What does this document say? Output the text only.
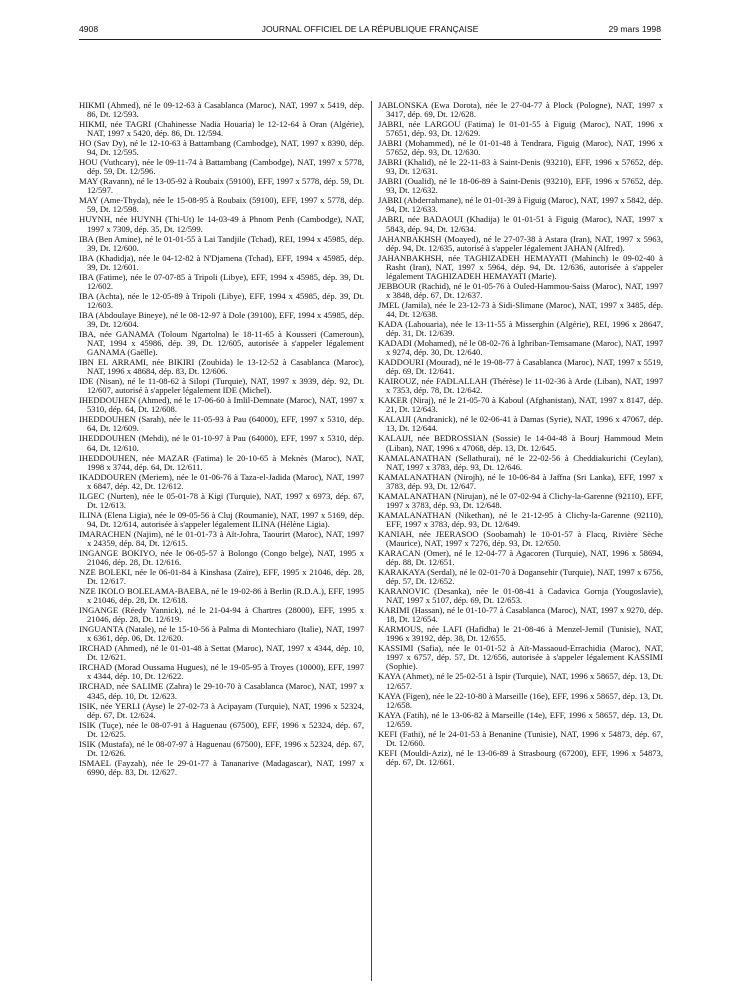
4908	JOURNAL OFFICIEL DE LA RÉPUBLIQUE FRANÇAISE	29 mars 1998

HIKMI (Ahmed), né le 09-12-63 à Casablanca (Maroc), NAT, 1997 x 5419, dép. 86, Dt. 12/593.

HIKMI, née TAGRI (Chahinesse Nadia Houaria) le 12-12-64 à Oran (Algérie), NAT, 1997 x 5420, dép. 86, Dt. 12/594.

HO (Sav Dy), né le 12-10-63 à Battambang (Cambodge), NAT, 1997 x 8390, dép. 94, Dt. 12/595.

HOU (Vuthcary), née le 09-11-74 à Battambang (Cambodge), NAT, 1997 x 5778, dép. 59, Dt. 12/596.

MAY (Ravann), né le 13-05-92 à Roubaix (59100), EFF, 1997 x 5778, dép. 59, Dt. 12/597.

MAY (Ame-Thyda), née le 15-08-95 à Roubaix (59100), EFF, 1997 x 5778, dép. 59, Dt. 12/598.

HUYNH, née HUYNH (Thi-Ut) le 14-03-49 à Phnom Penh (Cambodge), NAT, 1997 x 7309, dép. 35, Dt. 12/599.

IBA (Ben Amine), né le 01-01-55 à Lai Tandjile (Tchad), REI, 1994 x 45985, dép. 39, Dt. 12/600.

IBA (Khadidja), née le 04-12-82 à N'Djamena (Tchad), EFF, 1994 x 45985, dép. 39, Dt. 12/601.

IBA (Fatime), née le 07-07-85 à Tripoli (Libye), EFF, 1994 x 45985, dép. 39, Dt. 12/602.

IBA (Achta), née le 12-05-89 à Tripoli (Libye), EFF, 1994 x 45985, dép. 39, Dt. 12/603.

IBA (Abdoulaye Bineye), né le 08-12-97 à Dole (39100), EFF, 1994 x 45985, dép. 39, Dt. 12/604.

IBA, née GANAMA (Toloum Ngartolna) le 18-11-65 à Kousseri (Cameroun), NAT, 1994 x 45986, dép. 39, Dt. 12/605, autorisée à s'appeler légalement GANAMA (Gaëlle).

IBN EL ARRAMI, née BIKIRI (Zoubida) le 13-12-52 à Casablanca (Maroc), NAT, 1996 x 48684, dép. 83, Dt. 12/606.

IDE (Nisan), né le 11-08-62 à Silopi (Turquie), NAT, 1997 x 3939, dép. 92, Dt. 12/607, autorisé à s'appeler légalement IDE (Michel).

IHEDDOUHEN (Ahmed), né le 17-06-60 à Imlil-Demnate (Maroc), NAT, 1997 x 5310, dép. 64, Dt. 12/608.

IHEDDOUHEN (Sarah), née le 11-05-93 à Pau (64000), EFF, 1997 x 5310, dép. 64, Dt. 12/609.

IHEDDOUHEN (Mehdi), né le 01-10-97 à Pau (64000), EFF, 1997 x 5310, dép. 64, Dt. 12/610.

IHEDDOUHEN, née MAZAR (Fatima) le 20-10-65 à Meknès (Maroc), NAT, 1998 x 3744, dép. 64, Dt. 12/611.

IKADDOUREN (Meriem), née le 01-06-76 à Taza-el-Jadida (Maroc), NAT, 1997 x 6847, dép. 42, Dt. 12/612.

ILGEC (Nurten), née le 05-01-78 à Kigi (Turquie), NAT, 1997 x 6973, dép. 67, Dt. 12/613.

ILINA (Elena Ligia), née le 09-05-56 à Cluj (Roumanie), NAT, 1997 x 5169, dép. 94, Dt. 12/614, autorisée à s'appeler légalement ILINA (Hélène Ligia).

IMARACHEN (Najim), né le 01-01-73 à Aït-Johra, Taourirt (Maroc), NAT, 1997 x 24359, dép. 84, Dt. 12/615.

INGANGE BOKIYO, née le 06-05-57 à Bolongo (Congo belge), NAT, 1995 x 21046, dép. 28, Dt. 12/616.

NZE BOLEKI, née le 06-01-84 à Kinshasa (Zaïre), EFF, 1995 x 21046, dép. 28, Dt. 12/617.

NZE IKOLO BOLELAMA-BAEBA, né le 19-02-86 à Berlin (R.D.A.), EFF, 1995 x 21046, dép. 28, Dt. 12/618.

INGANGE (Réedy Yannick), né le 21-04-94 à Chartres (28000), EFF, 1995 x 21046, dép. 28, Dt. 12/619.

INGUANTA (Natale), né le 15-10-56 à Palma di Montechiaro (Italie), NAT, 1997 x 6361, dép. 06, Dt. 12/620.

IRCHAD (Ahmed), né le 01-01-48 à Settat (Maroc), NAT, 1997 x 4344, dép. 10, Dt. 12/621.

IRCHAD (Morad Oussama Hugues), né le 19-05-95 à Troyes (10000), EFF, 1997 x 4344, dép. 10, Dt. 12/622.

IRCHAD, née SALIME (Zahra) le 29-10-70 à Casablanca (Maroc), NAT, 1997 x 4345, dép. 10, Dt. 12/623.

ISIK, née YERLI (Ayse) le 27-02-73 à Acipayam (Turquie), NAT, 1996 x 52324, dép. 67, Dt. 12/624.

ISIK (Tuçe), née le 08-07-91 à Haguenau (67500), EFF, 1996 x 52324, dép. 67, Dt. 12/625.

ISIK (Mustafa), né le 08-07-97 à Haguenau (67500), EFF, 1996 x 52324, dép. 67, Dt. 12/626.

ISMAEL (Fayzah), née le 29-01-77 à Tananarive (Madagascar), NAT, 1997 x 6990, dép. 83, Dt. 12/627.

JABLONSKA (Ewa Dorota), née le 27-04-77 à Plock (Pologne), NAT, 1997 x 3417, dép. 69, Dt. 12/628.

JABRI, née LARGOU (Fatima) le 01-01-55 à Figuig (Maroc), NAT, 1996 x 57651, dép. 93, Dt. 12/629.

JABRI (Mohammed), né le 01-01-48 à Tendrara, Figuig (Maroc), NAT, 1996 x 57652, dép. 93, Dt. 12/630.

JABRI (Khalid), né le 22-11-83 à Saint-Denis (93210), EFF, 1996 x 57652, dép. 93, Dt. 12/631.

JABRI (Oualid), né le 18-06-89 à Saint-Denis (93210), EFF, 1996 x 57652, dép. 93, Dt. 12/632.

JABRI (Abderrahmane), né le 01-01-39 à Figuig (Maroc), NAT, 1997 x 5842, dép. 94, Dt. 12/633.

JABRI, née BADAOUI (Khadija) le 01-01-51 à Figuig (Maroc), NAT, 1997 x 5843, dép. 94, Dt. 12/634.

JAHANBAKHSH (Moayed), né le 27-07-38 à Astara (Iran), NAT, 1997 x 5963, dép. 94, Dt. 12/635, autorisé à s'appeler légalement JAHAN (Alfred).

JAHANBAKHSH, née TAGHIZADEH HEMAYATI (Mahinch) le 09-02-40 à Rasht (Iran), NAT, 1997 x 5964, dép. 94, Dt. 12/636, autorisée à s'appeler légalement TAGHIZADEH HEMAYATI (Marie).

JEBBOUR (Rachid), né le 01-05-76 à Ouled-Hammou-Saiss (Maroc), NAT, 1997 x 3848, dép. 67, Dt. 12/637.

JMEL (Jamila), née le 23-12-73 à Sidi-Slimane (Maroc), NAT, 1997 x 3485, dép. 44, Dt. 12/638.

KADA (Lahouaria), née le 13-11-55 à Misserghin (Algérie), REI, 1996 x 28647, dép. 31, Dt. 12/639.

KADADI (Mohamed), né le 08-02-76 à Ighriban-Temsamane (Maroc), NAT, 1997 x 9274, dép. 30, Dt. 12/640.

KADDOURI (Mourad), né le 19-08-77 à Casablanca (Maroc), NAT, 1997 x 5519, dép. 69, Dt. 12/641.

KAIROUZ, née FADLALLAH (Thérèse) le 11-02-36 à Arde (Liban), NAT, 1997 x 7353, dép. 78, Dt. 12/642.

KAKER (Niraj), né le 21-05-70 à Kaboul (Afghanistan), NAT, 1997 x 8147, dép. 21, Dt. 12/643.

KALAIJI (Andranick), né le 02-06-41 à Damas (Syrie), NAT, 1996 x 47067, dép. 13, Dt. 12/644.

KALAIJI, née BEDROSSIAN (Sossie) le 14-04-48 à Bourj Hammoud Metn (Liban), NAT, 1996 x 47068, dép. 13, Dt. 12/645.

KAMALANATHAN (Sellathurai), né le 22-02-56 à Cheddiakurichi (Ceylan), NAT, 1997 x 3783, dép. 93, Dt. 12/646.

KAMALANATHAN (Nirojh), né le 10-06-84 à Jaffna (Sri Lanka), EFF, 1997 x 3783, dép. 93, Dt. 12/647.

KAMALANATHAN (Nirujan), né le 07-02-94 à Clichy-la-Garenne (92110), EFF, 1997 x 3783, dép. 93, Dt. 12/648.

KAMALANATHAN (Nikethan), né le 21-12-95 à Clichy-la-Garenne (92110), EFF, 1997 x 3783, dép. 93, Dt. 12/649.

KANIAH, née JEERASOO (Soobamah) le 10-01-57 à Flacq, Rivière Sèche (Maurice), NAT, 1997 x 7276, dép. 93, Dt. 12/650.

KARACAN (Omer), né le 12-04-77 à Agacoren (Turquie), NAT, 1996 x 58694, dép. 88, Dt. 12/651.

KARAKAYA (Serdal), né le 02-01-70 à Dogansehir (Turquie), NAT, 1997 x 6756, dép. 57, Dt. 12/652.

KARANOVIC (Desanka), née le 01-08-41 à Cadavica Gornja (Yougoslavie), NAT, 1997 x 5107, dép. 69, Dt. 12/653.

KARIMI (Hassan), né le 01-10-77 à Casablanca (Maroc), NAT, 1997 x 9270, dép. 18, Dt. 12/654.

KARMOUS, née LAFI (Hafidha) le 21-08-46 à Menzel-Jemil (Tunisie), NAT, 1996 x 39192, dép. 38, Dt. 12/655.

KASSIMI (Safia), née le 01-01-52 à Aït-Massaoud-Errachidia (Maroc), NAT, 1997 x 6757, dép. 57, Dt. 12/656, autorisée à s'appeler légalement KASSIMI (Sophie).

KAYA (Ahmet), né le 25-02-51 à Ispir (Turquie), NAT, 1996 x 58657, dép. 13, Dt. 12/657.

KAYA (Figen), née le 22-10-80 à Marseille (16e), EFF, 1996 x 58657, dép. 13, Dt. 12/658.

KAYA (Fatih), né le 13-06-82 à Marseille (14e), EFF, 1996 x 58657, dép. 13, Dt. 12/659.

KEFI (Fathi), né le 24-01-53 à Benanine (Tunisie), NAT, 1996 x 54873, dép. 67, Dt. 12/660.

KEFI (Mouldi-Aziz), né le 13-06-89 à Strasbourg (67200), EFF, 1996 x 54873, dép. 67, Dt. 12/661.
